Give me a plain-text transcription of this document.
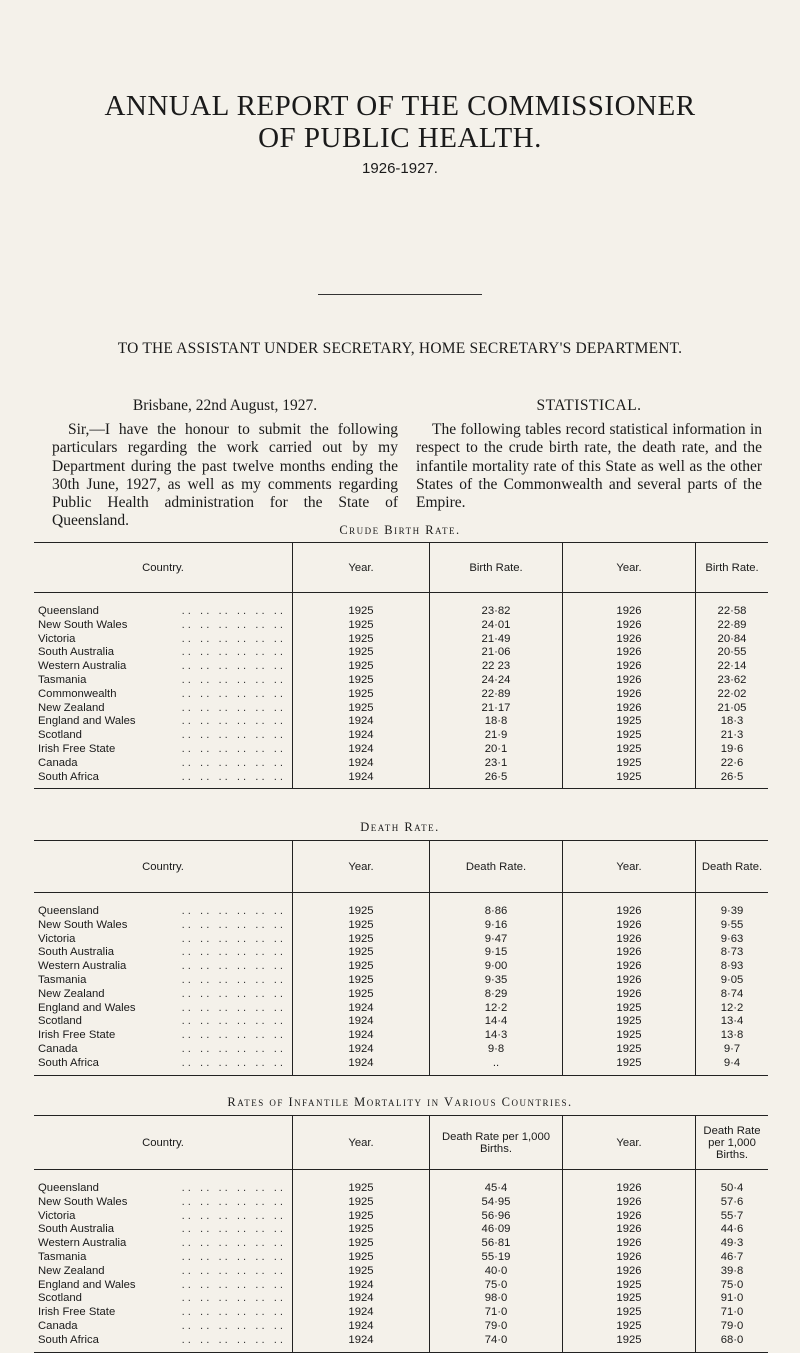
ANNUAL REPORT OF THE COMMISSIONER
OF PUBLIC HEALTH.
1926-1927.
TO THE ASSISTANT UNDER SECRETARY, HOME SECRETARY'S DEPARTMENT.
Brisbane, 22nd August, 1927.
Sir,—I have the honour to submit the following particulars regarding the work carried out by my Department during the past twelve months ending the 30th June, 1927, as well as my comments regarding Public Health administration for the State of Queensland.
STATISTICAL.
The following tables record statistical information in respect to the crude birth rate, the death rate, and the infantile mortality rate of this State as well as the other States of the Commonwealth and several parts of the Empire.
Crude Birth Rate.
Country.	Year.	Birth Rate.	Year.	Birth Rate.
Queensland .. .. .. .. .. ..	1925	23·82	1926	22·58
New South Wales .. .. .. .. .. ..	1925	24·01	1926	22·89
Victoria .. .. .. .. .. ..	1925	21·49	1926	20·84
South Australia .. .. .. .. .. ..	1925	21·06	1926	20·55
Western Australia .. .. .. .. .. ..	1925	22 23	1926	22·14
Tasmania .. .. .. .. .. ..	1925	24·24	1926	23·62
Commonwealth .. .. .. .. .. ..	1925	22·89	1926	22·02
New Zealand .. .. .. .. .. ..	1925	21·17	1926	21·05
England and Wales .. .. .. .. .. ..	1924	18·8	1925	18·3
Scotland .. .. .. .. .. ..	1924	21·9	1925	21·3
Irish Free State .. .. .. .. .. ..	1924	20·1	1925	19·6
Canada .. .. .. .. .. ..	1924	23·1	1925	22·6
South Africa .. .. .. .. .. ..	1924	26·5	1925	26·5
Death Rate.
Country.	Year.	Death Rate.	Year.	Death Rate.
Queensland .. .. .. .. .. ..	1925	8·86	1926	9·39
New South Wales .. .. .. .. .. ..	1925	9·16	1926	9·55
Victoria .. .. .. .. .. ..	1925	9·47	1926	9·63
South Australia .. .. .. .. .. ..	1925	9·15	1926	8·73
Western Australia .. .. .. .. .. ..	1925	9·00	1926	8·93
Tasmania .. .. .. .. .. ..	1925	9·35	1926	9·05
New Zealand .. .. .. .. .. ..	1925	8·29	1926	8·74
England and Wales .. .. .. .. .. ..	1924	12·2	1925	12·2
Scotland .. .. .. .. .. ..	1924	14·4	1925	13·4
Irish Free State .. .. .. .. .. ..	1924	14·3	1925	13·8
Canada .. .. .. .. .. ..	1924	9·8	1925	9·7
South Africa .. .. .. .. .. ..	1924	..	1925	9·4
Rates of Infantile Mortality in Various Countries.
Country.	Year.	Death Rate per 1,000 Births.	Year.	Death Rate per 1,000 Births.
Queensland .. .. .. .. .. ..	1925	45·4	1926	50·4
New South Wales .. .. .. .. .. ..	1925	54·95	1926	57·6
Victoria .. .. .. .. .. ..	1925	56·96	1926	55·7
South Australia .. .. .. .. .. ..	1925	46·09	1926	44·6
Western Australia .. .. .. .. .. ..	1925	56·81	1926	49·3
Tasmania .. .. .. .. .. ..	1925	55·19	1926	46·7
New Zealand .. .. .. .. .. ..	1925	40·0	1926	39·8
England and Wales .. .. .. .. .. ..	1924	75·0	1925	75·0
Scotland .. .. .. .. .. ..	1924	98·0	1925	91·0
Irish Free State .. .. .. .. .. ..	1924	71·0	1925	71·0
Canada .. .. .. .. .. ..	1924	79·0	1925	79·0
South Africa .. .. .. .. .. ..	1924	74·0	1925	68·0
